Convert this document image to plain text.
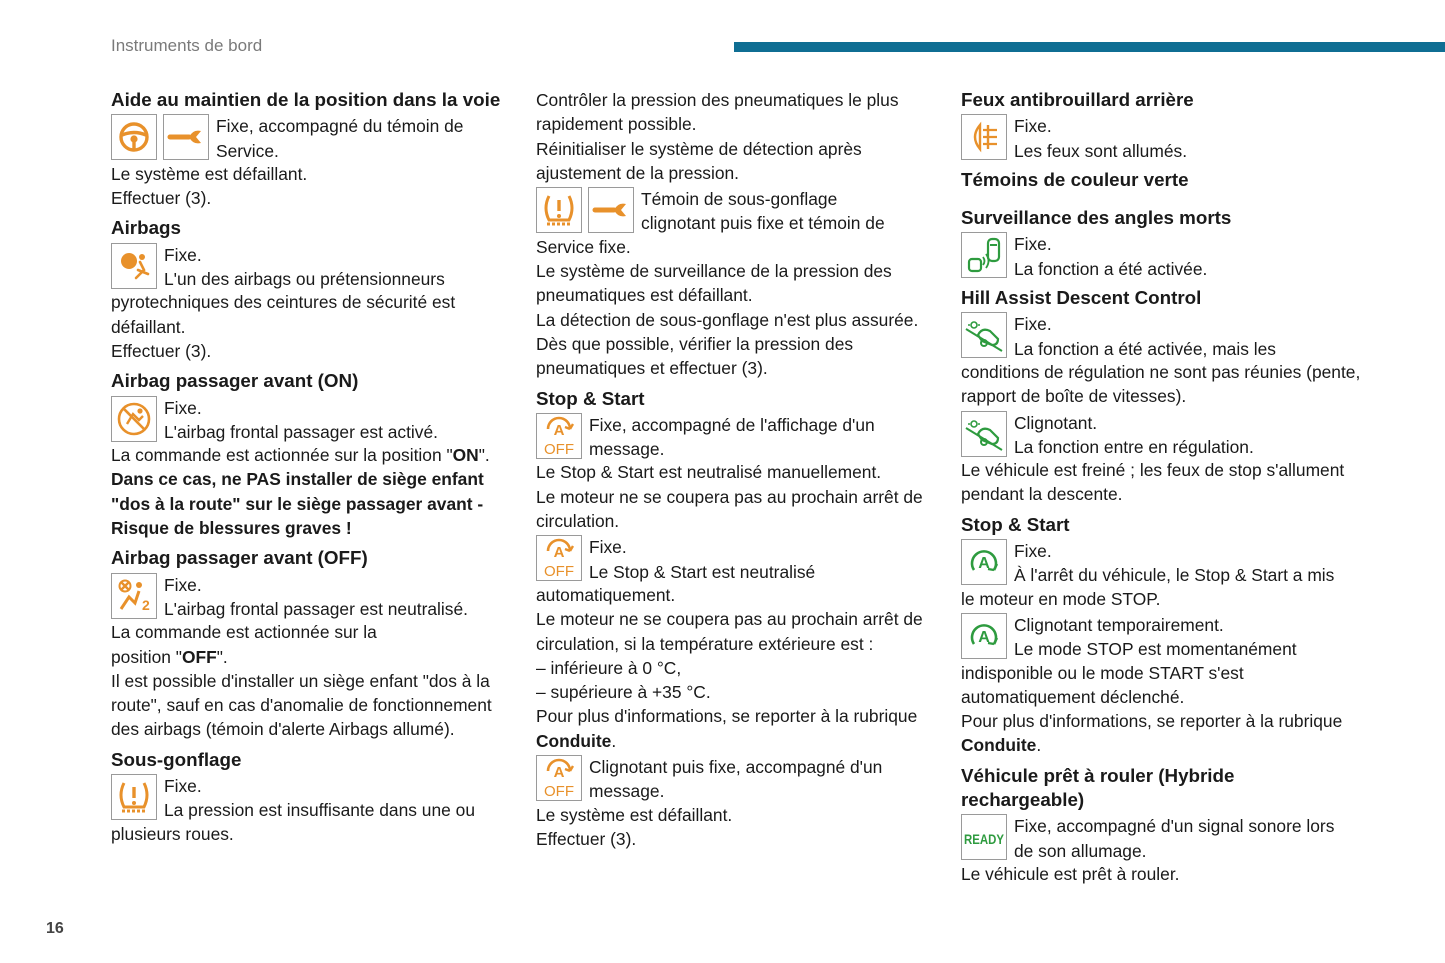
Instruments de bord
Aide au maintien de la position dans la voie

Fixe, accompagné du témoin de

Service.

Le système est défaillant.

Effectuer (3).

Airbags

Fixe.

L'un des airbags ou prétensionneurs

pyrotechniques des ceintures de sécurité est

défaillant.

Effectuer (3).

Airbag passager avant (ON)

Fixe.

L'airbag frontal passager est activé.

La commande est actionnée sur la position "ON".

Dans ce cas, ne PAS installer de siège enfant "dos à la route" sur le siège passager avant - Risque de blessures graves !

Airbag passager avant (OFF)
2

Fixe.

L'airbag frontal passager est neutralisé.

La commande est actionnée sur la

position "OFF".

Il est possible d'installer un siège enfant "dos à la route", sauf en cas d'anomalie de fonctionnement des airbags (témoin d'alerte Airbags allumé).

Sous-gonflage

Fixe.

La pression est insuffisante dans une ou

plusieurs roues.

Contrôler la pression des pneumatiques le plus rapidement possible.

Réinitialiser le système de détection après ajustement de la pression.

Témoin de sous-gonflage

clignotant puis fixe et témoin de

Service fixe.

Le système de surveillance de la pression des pneumatiques est défaillant.

La détection de sous-gonflage n'est plus assurée.

Dès que possible, vérifier la pression des pneumatiques et effectuer (3).

Stop & Start
A
OFF

Fixe, accompagné de l'affichage d'un

message.

Le Stop & Start est neutralisé manuellement.

Le moteur ne se coupera pas au prochain arrêt de circulation.

A
OFF

Fixe.

Le Stop & Start est neutralisé

automatiquement.

Le moteur ne se coupera pas au prochain arrêt de circulation, si la température extérieure est :

– inférieure à 0 °C,

– supérieure à +35 °C.

Pour plus d'informations, se reporter à la rubrique Conduite.

A
OFF

Clignotant puis fixe, accompagné d'un

message.

Le système est défaillant.

Effectuer (3).

Feux antibrouillard arrière

Fixe.

Les feux sont allumés.

Témoins de couleur verte
Surveillance des angles morts

Fixe.

La fonction a été activée.

Hill Assist Descent Control

Fixe.

La fonction a été activée, mais les

conditions de régulation ne sont pas réunies (pente, rapport de boîte de vitesses).

Clignotant.

La fonction entre en régulation.

Le véhicule est freiné ; les feux de stop s'allument pendant la descente.

Stop & Start
A

Fixe.

À l'arrêt du véhicule, le Stop & Start a mis

le moteur en mode STOP.

A

Clignotant temporairement.

Le mode STOP est momentanément

indisponible ou le mode START s'est automatiquement déclenché.

Pour plus d'informations, se reporter à la rubrique Conduite.

Véhicule prêt à rouler (Hybride rechargeable)
READY

Fixe, accompagné d'un signal sonore lors

de son allumage.

Le véhicule est prêt à rouler.

16
